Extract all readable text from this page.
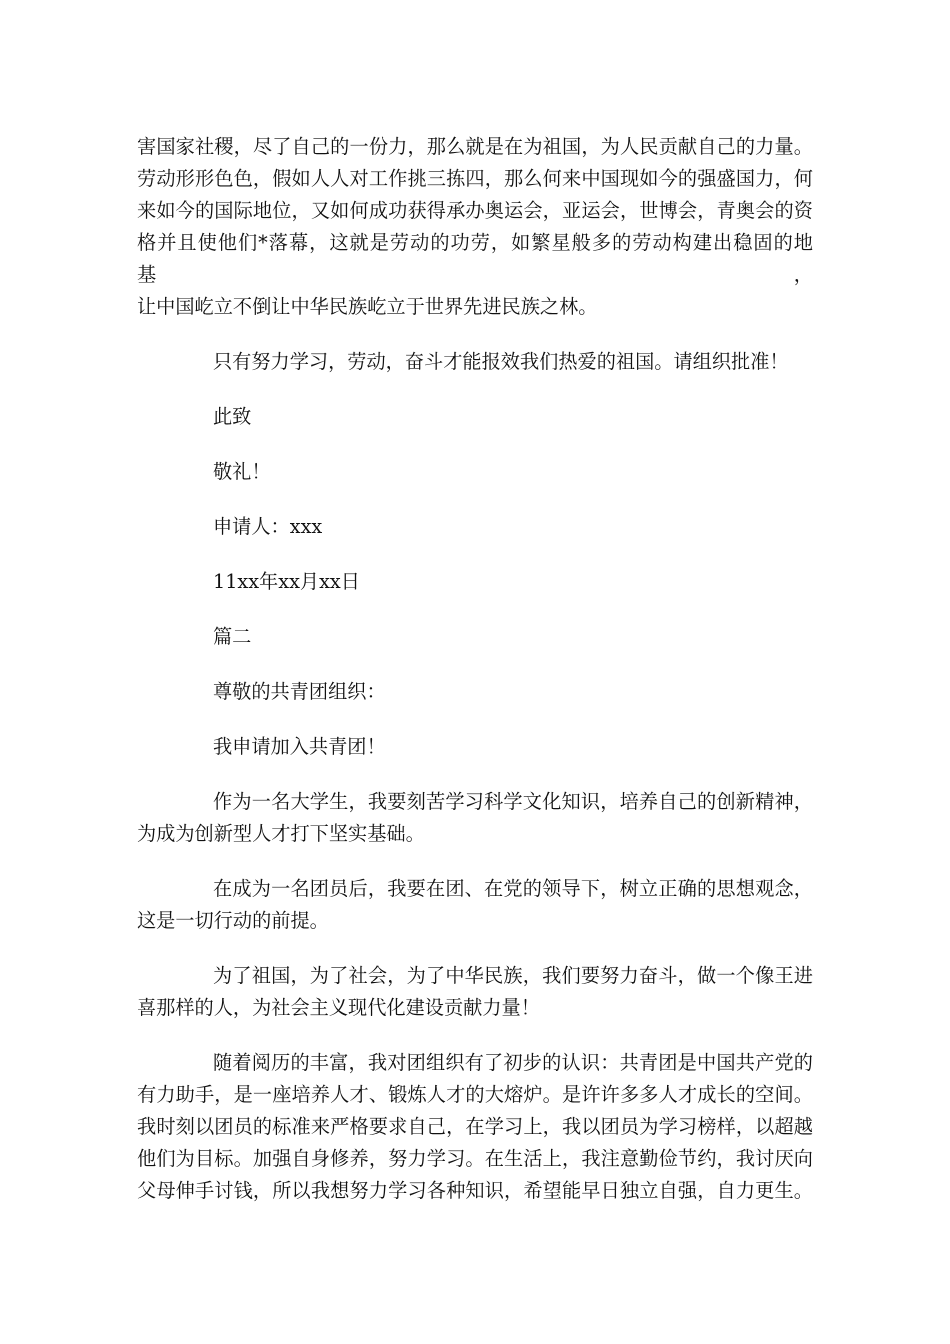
害国家社稷，尽了自己的一份力，那么就是在为祖国，为人民贡献自己的力量。
劳动形形色色，假如人人对工作挑三拣四，那么何来中国现如今的强盛国力，何
来如今的国际地位，又如何成功获得承办奥运会，亚运会，世博会，青奥会的资
格并且使他们*落幕，这就是劳动的功劳，如繁星般多的劳动构建出稳固的地基，
让中国屹立不倒让中华民族屹立于世界先进民族之林。

只有努力学习，劳动，奋斗才能报效我们热爱的祖国。请组织批准！

此致

敬礼！

申请人：xxx

11xx年xx月xx日

篇二

尊敬的共青团组织：

我申请加入共青团！

作为一名大学生，我要刻苦学习科学文化知识，培养自己的创新精神，
为成为创新型人才打下坚实基础。

在成为一名团员后，我要在团、在党的领导下，树立正确的思想观念，
这是一切行动的前提。

为了祖国，为了社会，为了中华民族，我们要努力奋斗，做一个像王进
喜那样的人，为社会主义现代化建设贡献力量！

随着阅历的丰富，我对团组织有了初步的认识：共青团是中国共产党的
有力助手，是一座培养人才、锻炼人才的大熔炉。是许许多多人才成长的空间。
我时刻以团员的标准来严格要求自己，在学习上，我以团员为学习榜样，以超越
他们为目标。加强自身修养，努力学习。在生活上，我注意勤俭节约，我讨厌向
父母伸手讨钱，所以我想努力学习各种知识，希望能早日独立自强，自力更生。
